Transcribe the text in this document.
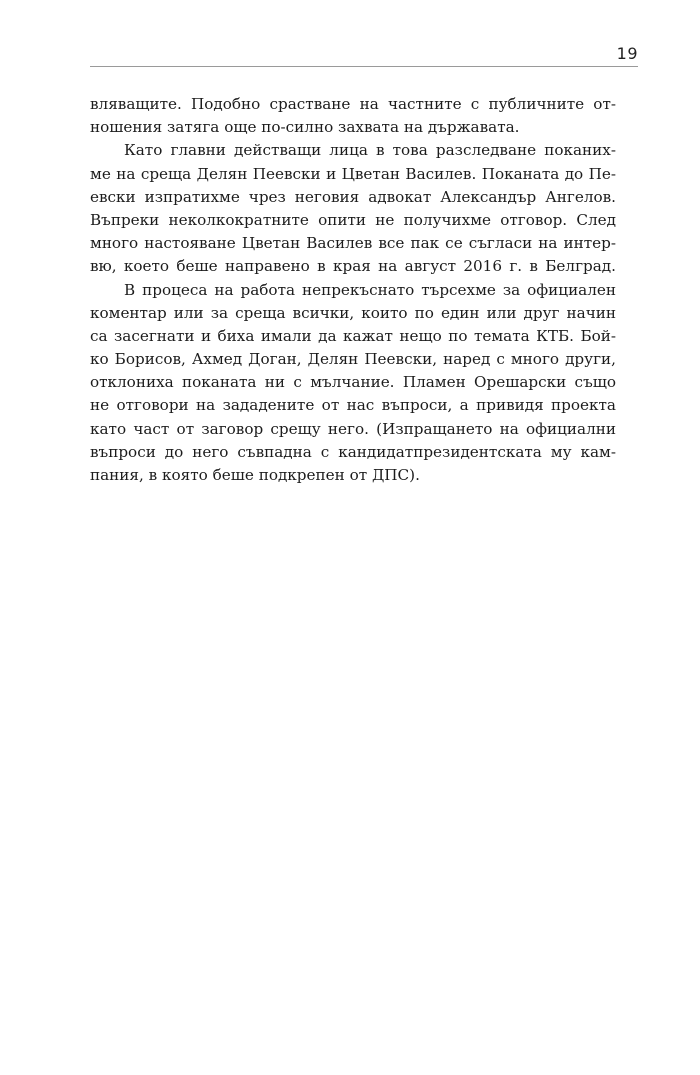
19
вляващите. Подобно срастване на частните с публичните от-
ношения затяга още по-силно захвата на държавата.
Като главни действащи лица в това разследване поканих-
ме на среща Делян Пеевски и Цветан Василев. Поканата до Пе-
евски изпратихме чрез неговия адвокат Александър Ангелов.
Въпреки неколкократните опити не получихме отговор. След
много настояване Цветан Василев все пак се съгласи на интер-
вю, което беше направено в края на август 2016 г. в Белград.
В процеса на работа непрекъснато търсехме за официален
коментар или за среща всички, които по един или друг начин
са засегнати и биха имали да кажат нещо по темата КТБ. Бой-
ко Борисов, Ахмед Доган, Делян Пеевски, наред с много други,
отклониха поканата ни с мълчание. Пламен Орешарски също
не отговори на зададените от нас въпроси, а привидя проекта
като част от заговор срещу него. (Изпращането на официални
въпроси до него съвпадна с кандидатпрезидентската му кам-
пания, в която беше подкрепен от ДПС).
